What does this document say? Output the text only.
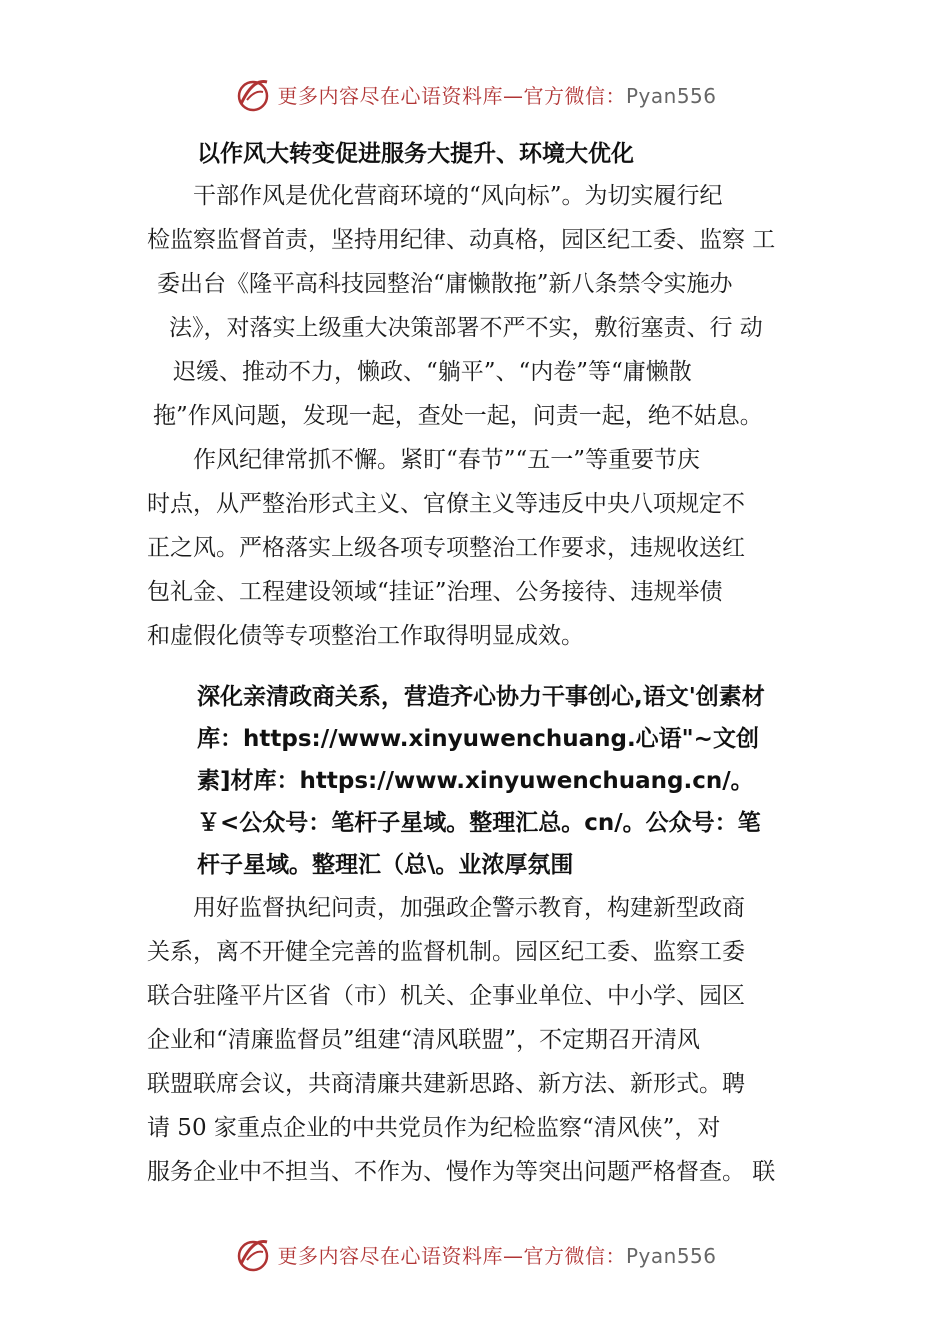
更多内容尽在心语资料库—官方微信：Pyan556

以作风大转变促进服务大提升、环境大优化

干部作风是优化营商环境的“风向标”。为切实履行纪
检监察监督首责，坚持用纪律、动真格，园区纪工委、监察 工
委出台《隆平高科技园整治“庸懒散拖”新八条禁令实施办
法》，对落实上级重大决策部署不严不实，敷衍塞责、行 动
迟缓、推动不力，懒政、“躺平”、“内卷”等“庸懒散
拖”作风问题，发现一起，查处一起，问责一起，绝不姑息。
作风纪律常抓不懈。紧盯“春节”“五一”等重要节庆
时点，从严整治形式主义、官僚主义等违反中央八项规定不
正之风。严格落实上级各项专项整治工作要求，违规收送红
包礼金、工程建设领域“挂证”治理、公务接待、违规举债
和虚假化债等专项整治工作取得明显成效。
深化亲清政商关系，营造齐心协力干事创心,语文'创素材
库：https://www.xinyuwenchuang.心语"~文创
素]材库：https://www.xinyuwenchuang.cn/。
￥<公众号：笔杆子星域。整理汇总。cn/。公众号：笔
杆子星域。整理汇（总\。业浓厚氛围
用好监督执纪问责，加强政企警示教育，构建新型政商
关系，离不开健全完善的监督机制。园区纪工委、监察工委
联合驻隆平片区省（市）机关、企事业单位、中小学、园区
企业和“清廉监督员”组建“清风联盟”，不定期召开清风
联盟联席会议，共商清廉共建新思路、新方法、新形式。聘
请 50 家重点企业的中共党员作为纪检监察“清风侠”，对
服务企业中不担当、不作为、慢作为等突出问题严格督查。 联
更多内容尽在心语资料库—官方微信：Pyan556
